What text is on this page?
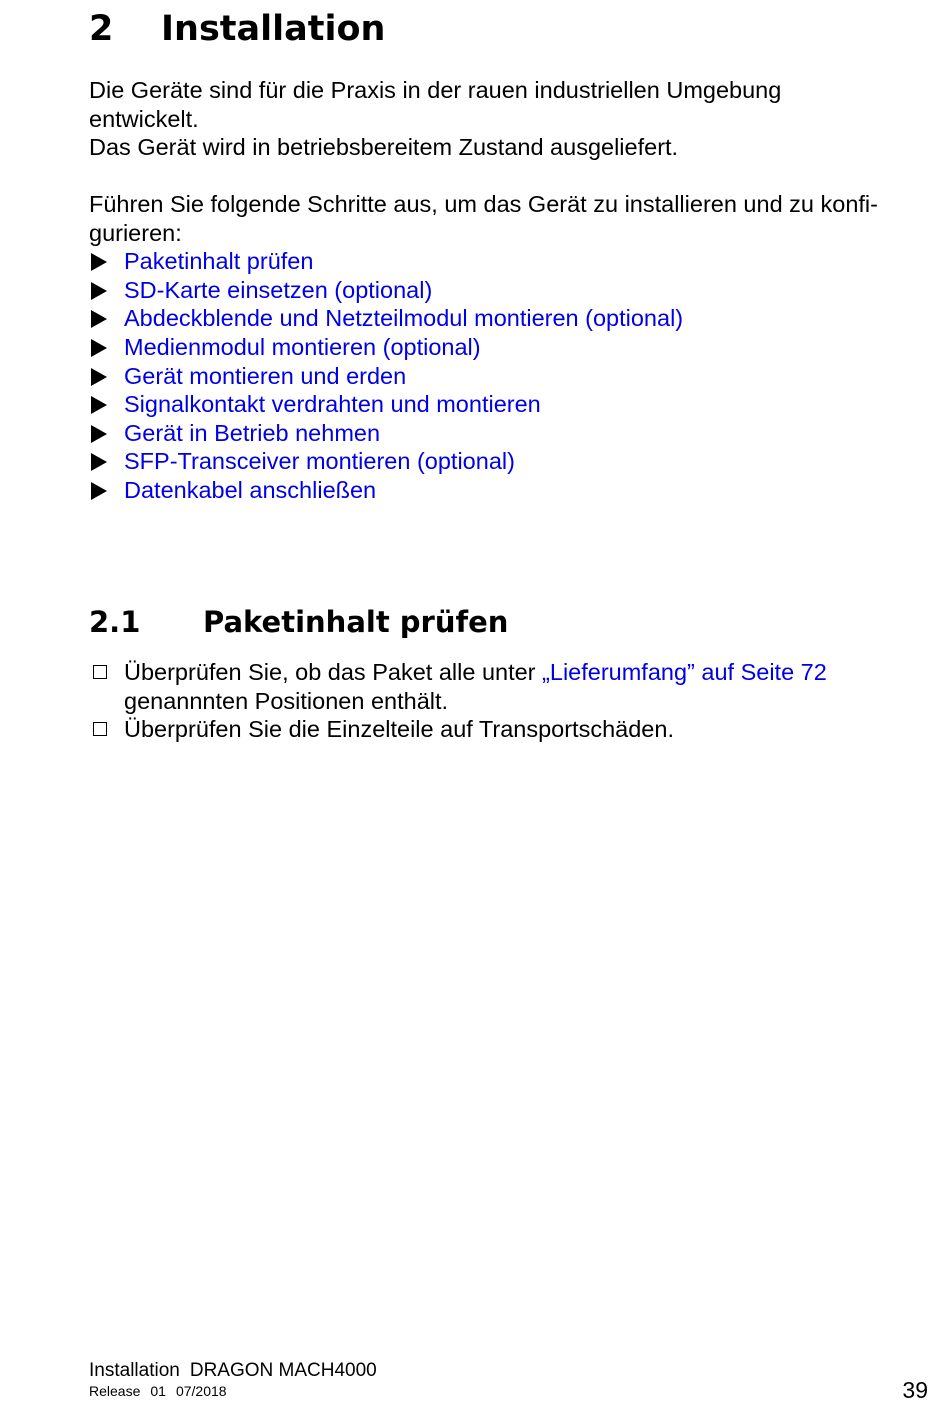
2 Installation

Die Geräte sind für die Praxis in der rauen industriellen Umgebung entwickelt.

Das Gerät wird in betriebsbereitem Zustand ausgeliefert.

Führen Sie folgende Schritte aus, um das Gerät zu installieren und zu konfigurieren:

Paketinhalt prüfen
SD-Karte einsetzen (optional)
Abdeckblende und Netzteilmodul montieren (optional)
Medienmodul montieren (optional)
Gerät montieren und erden
Signalkontakt verdrahten und montieren
Gerät in Betrieb nehmen
SFP-Transceiver montieren (optional)
Datenkabel anschließen
2.1 Paketinhalt prüfen
Überprüfen Sie, ob das Paket alle unter „Lieferumfang” auf Seite 72 genannnten Positionen enthält.
Überprüfen Sie die Einzelteile auf Transportschäden.
Installation DRAGON MACH4000
Release 01 07/2018	39
